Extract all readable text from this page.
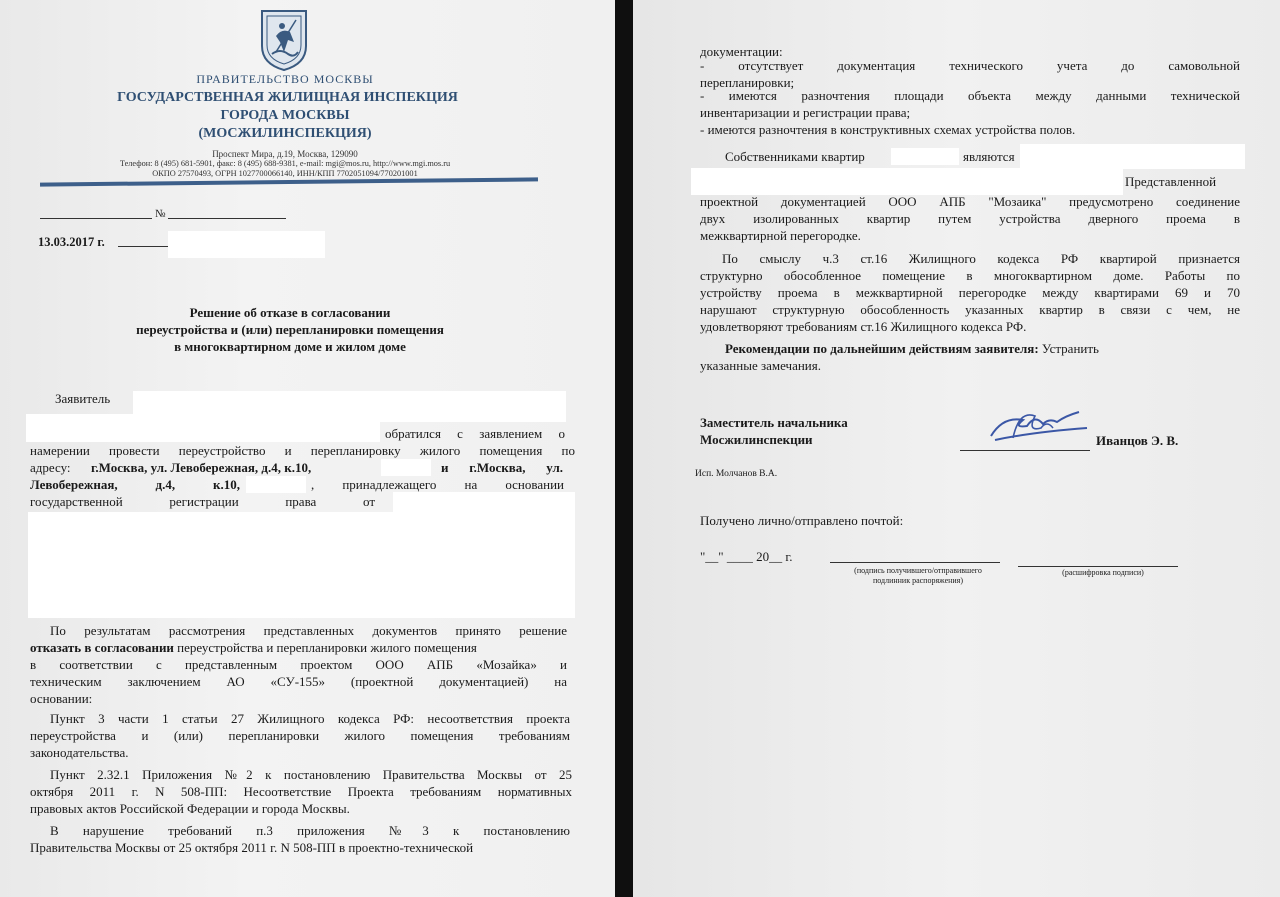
ПРАВИТЕЛЬСТВО МОСКВЫ
ГОСУДАРСТВЕННАЯ ЖИЛИЩНАЯ ИНСПЕКЦИЯ
ГОРОДА МОСКВЫ
(МОСЖИЛИНСПЕКЦИЯ)
Проспект Мира, д.19, Москва, 129090
Телефон: 8 (495) 681-5901, факс: 8 (495) 688-9381, e-mail: mgi@mos.ru, http://www.mgi.mos.ru
ОКПО 27570493, ОГРН 1027700066140, ИНН/КПП 7702051094/770201001
№
13.03.2017 г.
Решение об отказе в согласовании
переустройства и (или) перепланировки помещения
в многоквартирном доме и жилом доме
Заявитель
обратился с заявлением о
намерении провести переустройство и перепланировку жилого помещения по
адресу: г.Москва, ул. Левобережная, д.4, к.10,	и г.Москва, ул.
Левобережная, д.4, к.10,	, принадлежащего на основании
государственной регистрации права от
По результатам рассмотрения представленных документов принято решение
отказать в согласовании переустройства и перепланировки жилого помещения
в соответствии с представленным проектом ООО АПБ «Мозайка» и
техническим заключением АО «СУ-155» (проектной документацией) на
основании:
Пункт 3 части 1 статьи 27 Жилищного кодекса РФ: несоответствия проекта
переустройства и (или) перепланировки жилого помещения требованиям
законодательства.
Пункт 2.32.1 Приложения №2 к постановлению Правительства Москвы от 25
октября 2011 г. N 508-ПП: Несоответствие Проекта требованиям нормативных
правовых актов Российской Федерации и города Москвы.
В нарушение требований п.3 приложения №3 к постановлению
Правительства Москвы от 25 октября 2011 г. N 508-ПП в проектно-технической
документации:
- отсутствует документация технического учета до самовольной
перепланировки;
- имеются разночтения площади объекта между данными технической
инвентаризации и регистрации права;
- имеются разночтения в конструктивных схемах устройства полов.
Собственниками квартир	являются
Представленной
проектной документацией ООО АПБ "Мозаика" предусмотрено соединение
двух изолированных квартир путем устройства дверного проема в
межквартирной перегородке.
По смыслу ч.3 ст.16 Жилищного кодекса РФ квартирой признается
структурно обособленное помещение в многоквартирном доме. Работы по
устройству проема в межквартирной перегородке между квартирами 69 и 70
нарушают структурную обособленность указанных квартир в связи с чем, не
удовлетворяют требованиям ст.16 Жилищного кодекса РФ.
Рекомендации по дальнейшим действиям заявителя: Устранить
указанные замечания.
Заместитель начальника
Мосжилинспекции	Иванцов Э. В.
Исп. Молчанов В.А.
Получено лично/отправлено почтой:
"__" ____ 20__ г.
(подпись получившего/отправившего
подлинник распоряжения)
(расшифровка подписи)
